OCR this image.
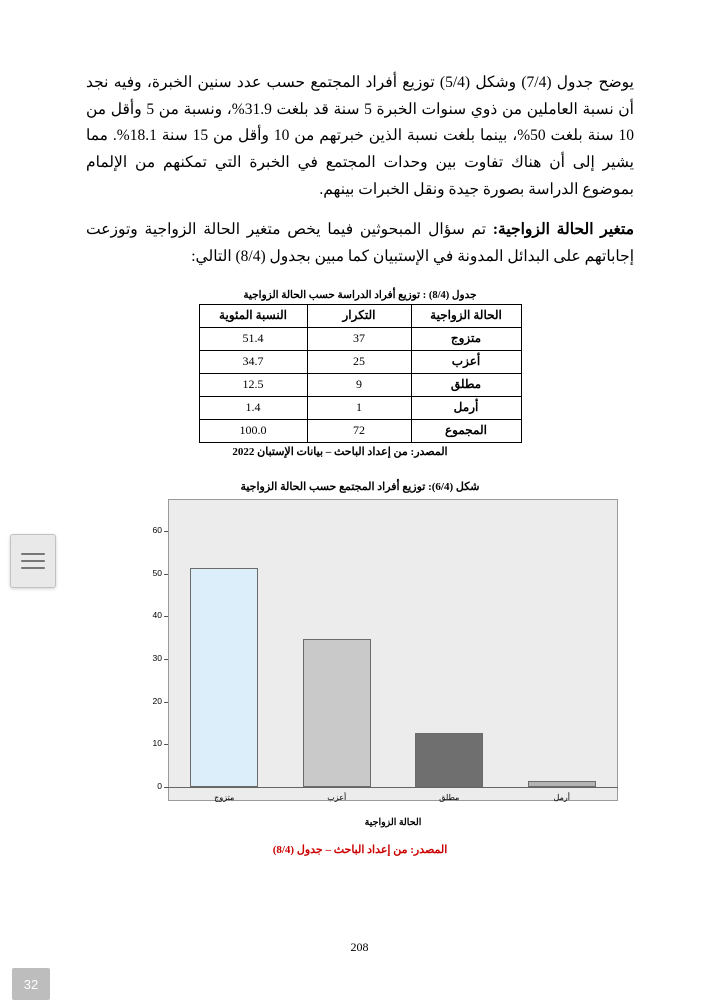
يوضح جدول (7/4) وشكل (5/4) توزيع أفراد المجتمع حسب عدد سنين الخبرة، وفيه نجد أن نسبة العاملين من ذوي سنوات الخبرة 5 سنة قد بلغت 31.9%، ونسبة من 5 وأقل من 10 سنة بلغت 50%، بينما بلغت نسبة الذين خبرتهم من 10 وأقل من 15 سنة 18.1%. مما يشير إلى أن هناك تفاوت بين وحدات المجتمع في الخبرة التي تمكنهم من الإلمام بموضوع الدراسة بصورة جيدة ونقل الخبرات بينهم.

متغير الحالة الزواجية: تم سؤال المبحوثين فيما يخص متغير الحالة الزواجية وتوزعت إجاباتهم على البدائل المدونة في الإستبيان كما مبين بجدول (8/4) التالي:

جدول (8/4) : توزيع أفراد الدراسة حسب الحالة الزواجية
الحالة الزواجية	التكرار	النسبة المئوية
متزوج	37	51.4
أعزب	25	34.7
مطلق	9	12.5
أرمل	1	1.4
المجموع	72	100.0
المصدر: من إعداد الباحث – بيانات الإستبان 2022
شكل (6/4): توزيع أفراد المجتمع حسب الحالة الزواجية
0
10
20
30
40
50
60
متزوج	أعزب	مطلق	أرمل
الحالة الزواجية
المصدر: من إعداد الباحث – جدول (8/4)
208
32
